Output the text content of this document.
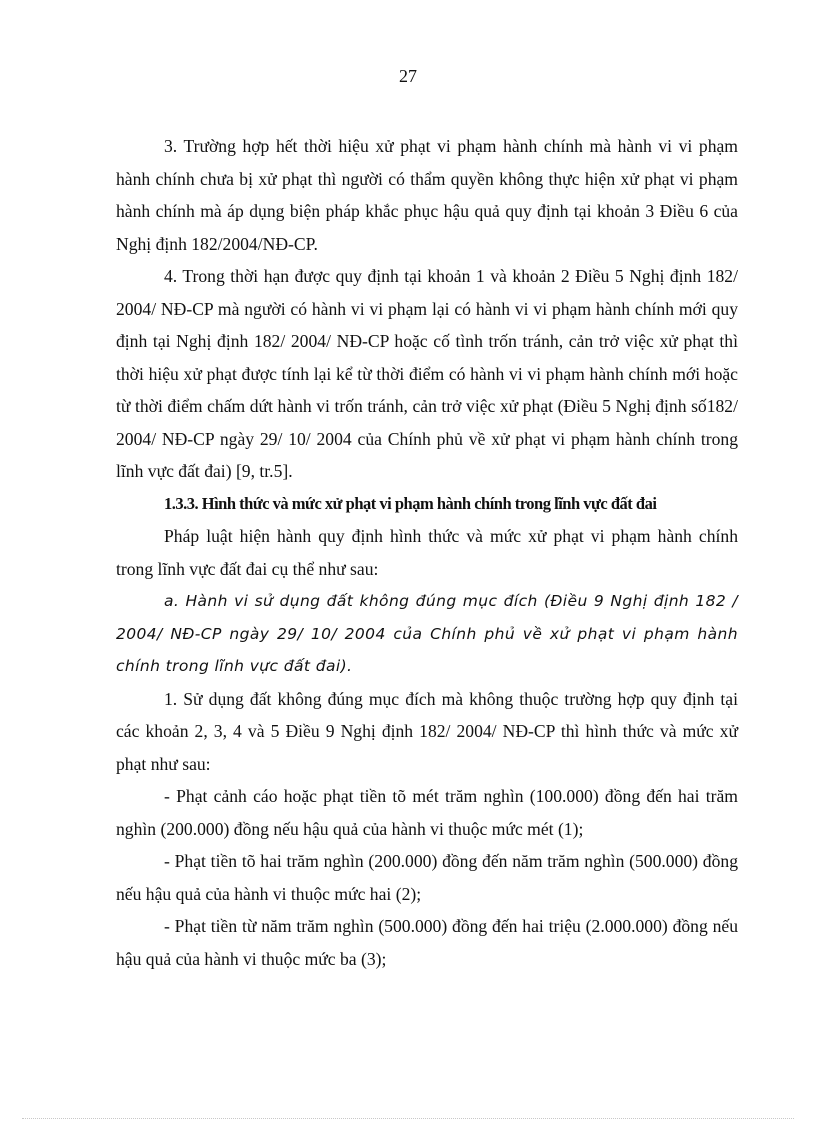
27

3. Trường hợp hết thời hiệu xử phạt vi phạm hành chính mà hành vi vi phạm hành chính chưa bị xử phạt thì người có thẩm quyền không thực hiện xử phạt vi phạm hành chính mà áp dụng biện pháp khắc phục hậu quả quy định tại khoản 3 Điều 6 của Nghị định 182/2004/NĐ-CP.

4. Trong thời hạn được quy định tại khoản 1 và khoản 2 Điều 5 Nghị định 182/ 2004/ NĐ-CP mà người có hành vi vi phạm lại có hành vi vi phạm hành chính mới quy định tại Nghị định 182/ 2004/ NĐ-CP hoặc cố tình trốn tránh, cản trở việc xử phạt thì thời hiệu xử phạt được tính lại kể từ thời điểm có hành vi vi phạm hành chính mới hoặc từ thời điểm chấm dứt hành vi trốn tránh, cản trở việc xử phạt (Điều 5 Nghị định số182/ 2004/ NĐ-CP ngày 29/ 10/ 2004 của Chính phủ về xử phạt vi phạm hành chính trong lĩnh vực đất đai) [9, tr.5].

1.3.3. Hình thức và mức xử phạt vi phạm hành chính trong lĩnh vực đất đai

Pháp luật hiện hành quy định hình thức và mức xử phạt vi phạm hành chính trong lĩnh vực đất đai cụ thể như sau:

a. Hành vi sử dụng đất không đúng mục đích (Điều 9 Nghị định 182 / 2004/ NĐ-CP ngày 29/ 10/ 2004 của Chính phủ về xử phạt vi phạm hành chính trong lĩnh vực đất đai).

1. Sử dụng đất không đúng mục đích mà không thuộc trường hợp quy định tại các khoản 2, 3, 4 và 5 Điều 9 Nghị định 182/ 2004/ NĐ-CP thì hình thức và mức xử phạt như sau:

- Phạt cảnh cáo hoặc phạt tiền tõ mét trăm nghìn (100.000) đồng đến hai trăm nghìn (200.000) đồng nếu hậu quả của hành vi thuộc mức mét (1);

- Phạt tiền tõ hai trăm nghìn (200.000) đồng đến năm trăm nghìn (500.000) đồng nếu hậu quả của hành vi thuộc mức hai (2);

- Phạt tiền từ năm trăm nghìn (500.000) đồng đến hai triệu (2.000.000) đồng nếu hậu quả của hành vi thuộc mức ba (3);
